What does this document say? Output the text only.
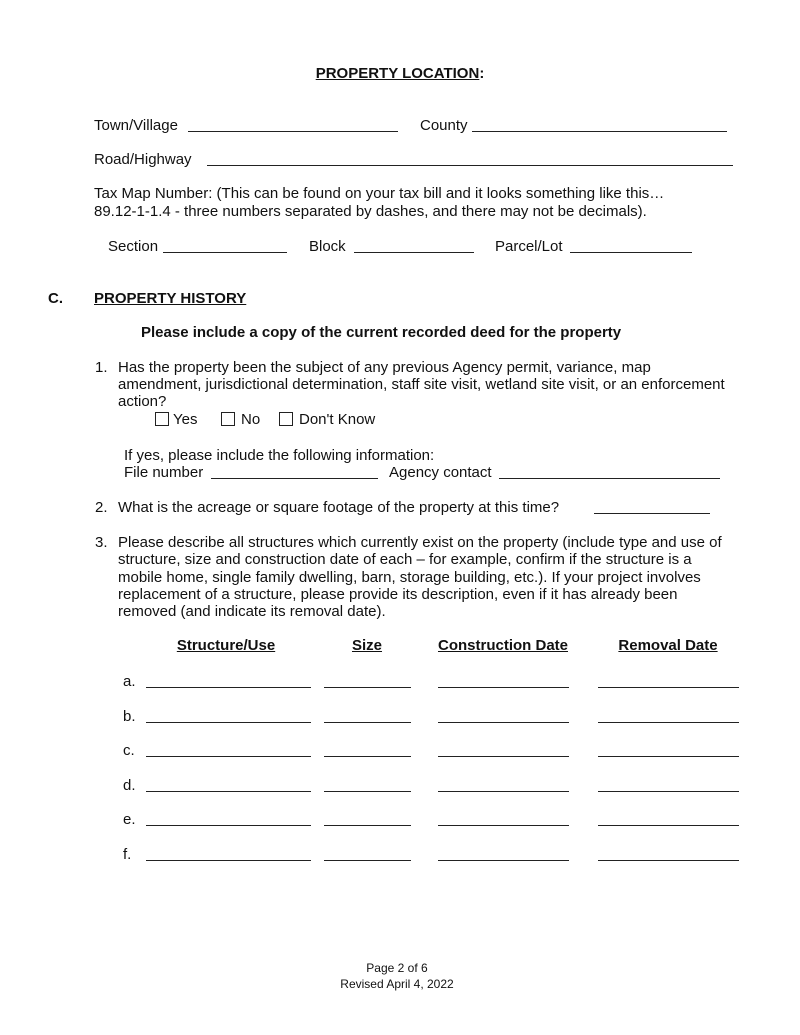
PROPERTY LOCATION:
Town/Village	County
Road/Highway
Tax Map Number: (This can be found on your tax bill and it looks something like this…
89.12-1-1.4 - three numbers separated by dashes, and there may not be decimals).
Section	Block	Parcel/Lot
C. PROPERTY HISTORY
Please include a copy of the current recorded deed for the property
1. Has the property been the subject of any previous Agency permit, variance, map
amendment, jurisdictional determination, staff site visit, wetland site visit, or an enforcement
action?
Yes	No	Don't Know
If yes, please include the following information:
File number	Agency contact
2. What is the acreage or square footage of the property at this time?
3. Please describe all structures which currently exist on the property (include type and use of
structure, size and construction date of each – for example, confirm if the structure is a
mobile home, single family dwelling, barn, storage building, etc.). If your project involves
replacement of a structure, please provide its description, even if it has already been
removed (and indicate its removal date).
Structure/Use	Size	Construction Date	Removal Date
a.
b.
c.
d.
e.
f.
Page 2 of 6
Revised April 4, 2022
